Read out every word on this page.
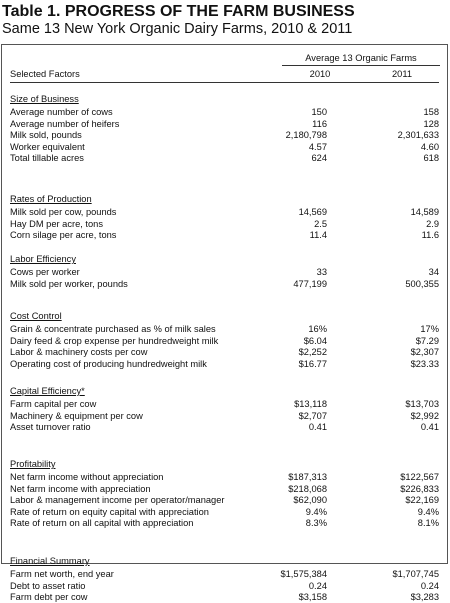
Table 1. PROGRESS OF THE FARM BUSINESS
Same 13 New York Organic Dairy Farms, 2010 & 2011
Average 13 Organic Farms
Selected Factors	2010	2011
Size of Business
Average number of cows	150	158
Average number of heifers	116	128
Milk sold, pounds	2,180,798	2,301,633
Worker equivalent	4.57	4.60
Total tillable acres	624	618
Rates of Production
Milk sold per cow, pounds	14,569	14,589
Hay DM per acre, tons	2.5	2.9
Corn silage per acre, tons	11.4	11.6
Labor Efficiency
Cows per worker	33	34
Milk sold per worker, pounds	477,199	500,355
Cost Control
Grain & concentrate purchased as % of milk sales	16%	17%
Dairy feed & crop expense per hundredweight milk	$6.04	$7.29
Labor & machinery costs per cow	$2,252	$2,307
Operating cost of producing hundredweight milk	$16.77	$23.33
Capital Efficiency*
Farm capital per cow	$13,118	$13,703
Machinery & equipment per cow	$2,707	$2,992
Asset turnover ratio	0.41	0.41
Profitability
Net farm income without appreciation	$187,313	$122,567
Net farm income with appreciation	$218,068	$226,833
Labor & management income per operator/manager	$62,090	$22,169
Rate of return on equity capital with appreciation	9.4%	9.4%
Rate of return on all capital with appreciation	8.3%	8.1%
Financial Summary
Farm net worth, end year	$1,575,384	$1,707,745
Debt to asset ratio	0.24	0.24
Farm debt per cow	$3,158	$3,283
